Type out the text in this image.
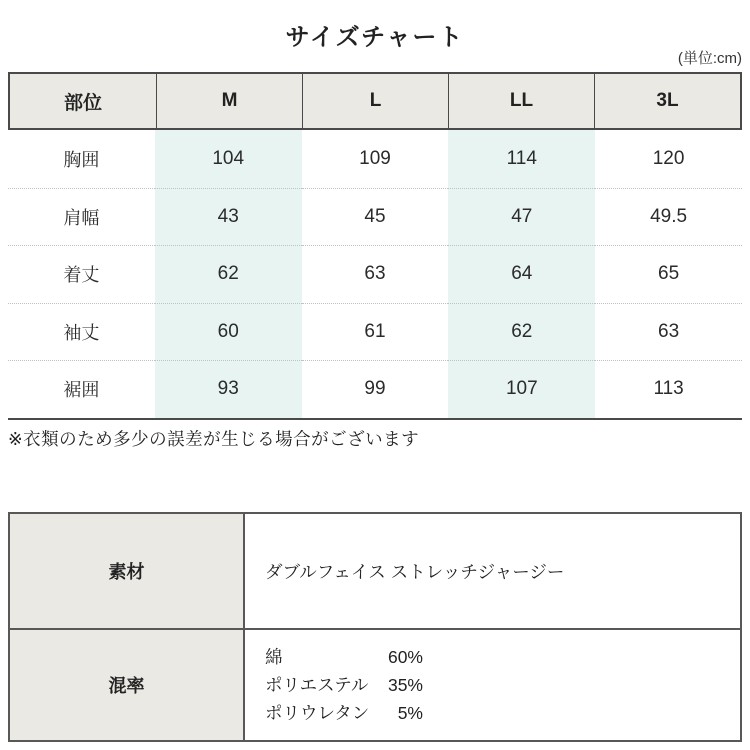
サイズチャート
(単位:cm)
部位	M	L	LL	3L
胸囲	104	109	114	120
肩幅	43	45	47	49.5
着丈	62	63	64	65
袖丈	60	61	62	63
裾囲	93	99	107	113
※衣類のため多少の誤差が生じる場合がございます
素材	ダブルフェイス ストレッチジャージー
混率
綿	60%
ポリエステル 35%
ポリウレタン 5%
